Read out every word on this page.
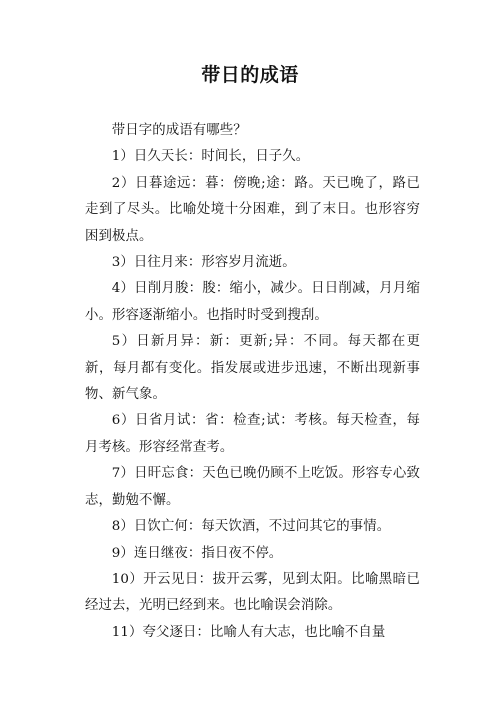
带日的成语

带日字的成语有哪些？

1）日久天长：时间长，日子久。

2）日暮途远：暮：傍晚;途：路。天已晚了，路已走到了尽头。比喻处境十分困难，到了末日。也形容穷困到极点。

3）日往月来：形容岁月流逝。

4）日削月朘：朘：缩小，减少。日日削减，月月缩小。形容逐渐缩小。也指时时受到搜刮。

5）日新月异：新：更新;异：不同。每天都在更新，每月都有变化。指发展或进步迅速，不断出现新事物、新气象。

6）日省月试：省：检查;试：考核。每天检查，每月考核。形容经常查考。

7）日旰忘食：天色已晚仍顾不上吃饭。形容专心致志，勤勉不懈。

8）日饮亡何：每天饮酒，不过问其它的事情。

9）连日继夜：指日夜不停。

10）开云见日：拔开云雾，见到太阳。比喻黑暗已经过去，光明已经到来。也比喻误会消除。

11）夸父逐日：比喻人有大志，也比喻不自量
